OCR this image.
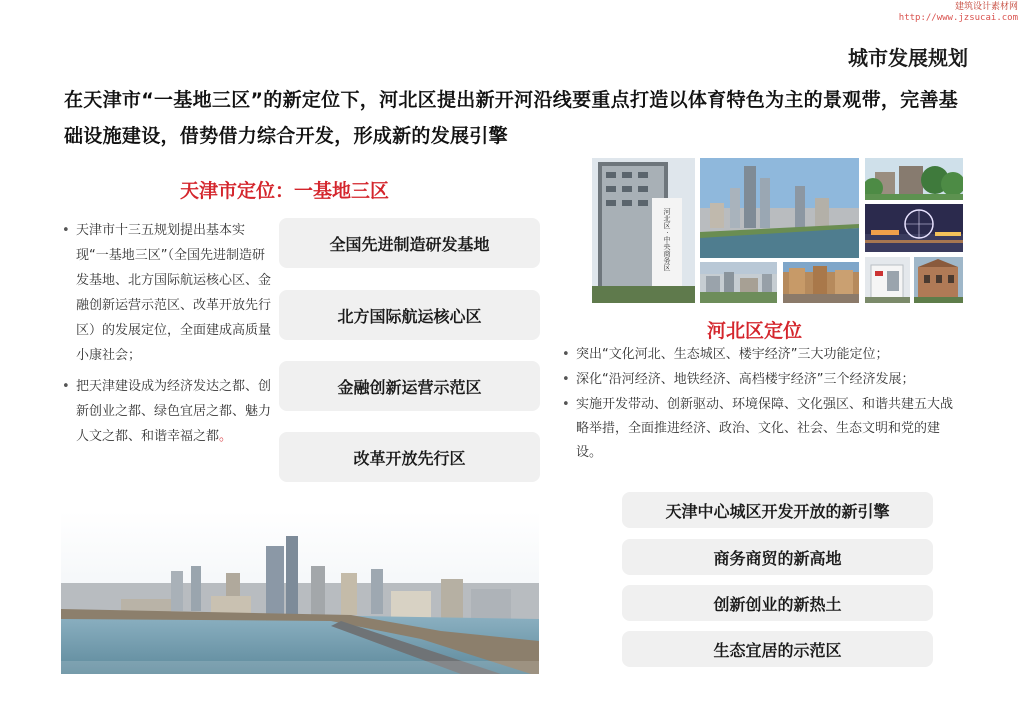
建筑设计素材网
http://www.jzsucai.com
城市发展规划
在天津市“一基地三区”的新定位下，河北区提出新开河沿线要重点打造以体育特色为主的景观带，完善基础设施建设，借势借力综合开发，形成新的发展引擎
天津市定位：一基地三区
• 天津市十三五规划提出基本实现“一基地三区”（全国先进制造研发基地、北方国际航运核心区、金融创新运营示范区、改革开放先行区）的发展定位，全面建成高质量小康社会；
• 把天津建设成为经济发达之都、创新创业之都、绿色宜居之都、魅力人文之都、和谐幸福之都。
全国先进制造研发基地
北方国际航运核心区
金融创新运营示范区
改革开放先行区
河北区 · 中央商务区
河北区定位
• 突出“文化河北、生态城区、楼宇经济”三大功能定位；
• 深化“沿河经济、地铁经济、高档楼宇经济”三个经济发展；
• 实施开发带动、创新驱动、环境保障、文化强区、和谐共建五大战略举措，全面推进经济、政治、文化、社会、生态文明和党的建设。
天津中心城区开发开放的新引擎
商务商贸的新高地
创新创业的新热土
生态宜居的示范区
